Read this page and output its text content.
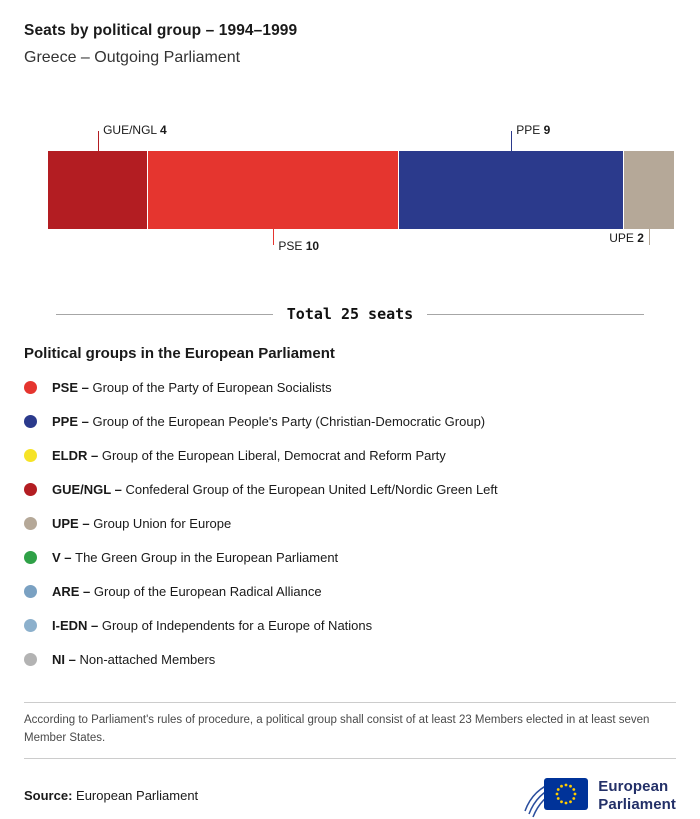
Seats by political group – 1994–1999
Greece – Outgoing Parliament
GUE/NGL 4	PPE 9
PSE 10
UPE 2
Total 25 seats
Political groups in the European Parliament
PSE – Group of the Party of European Socialists
PPE – Group of the European People's Party (Christian-Democratic Group)
ELDR – Group of the European Liberal, Democrat and Reform Party
GUE/NGL – Confederal Group of the European United Left/Nordic Green Left
UPE – Group Union for Europe
V – The Green Group in the European Parliament
ARE – Group of the European Radical Alliance
I-EDN – Group of Independents for a Europe of Nations
NI – Non-attached Members

According to Parliament's rules of procedure, a political group shall consist of at least 23 Members elected in at least seven Member States.

Source: European Parliament

European
Parliament
